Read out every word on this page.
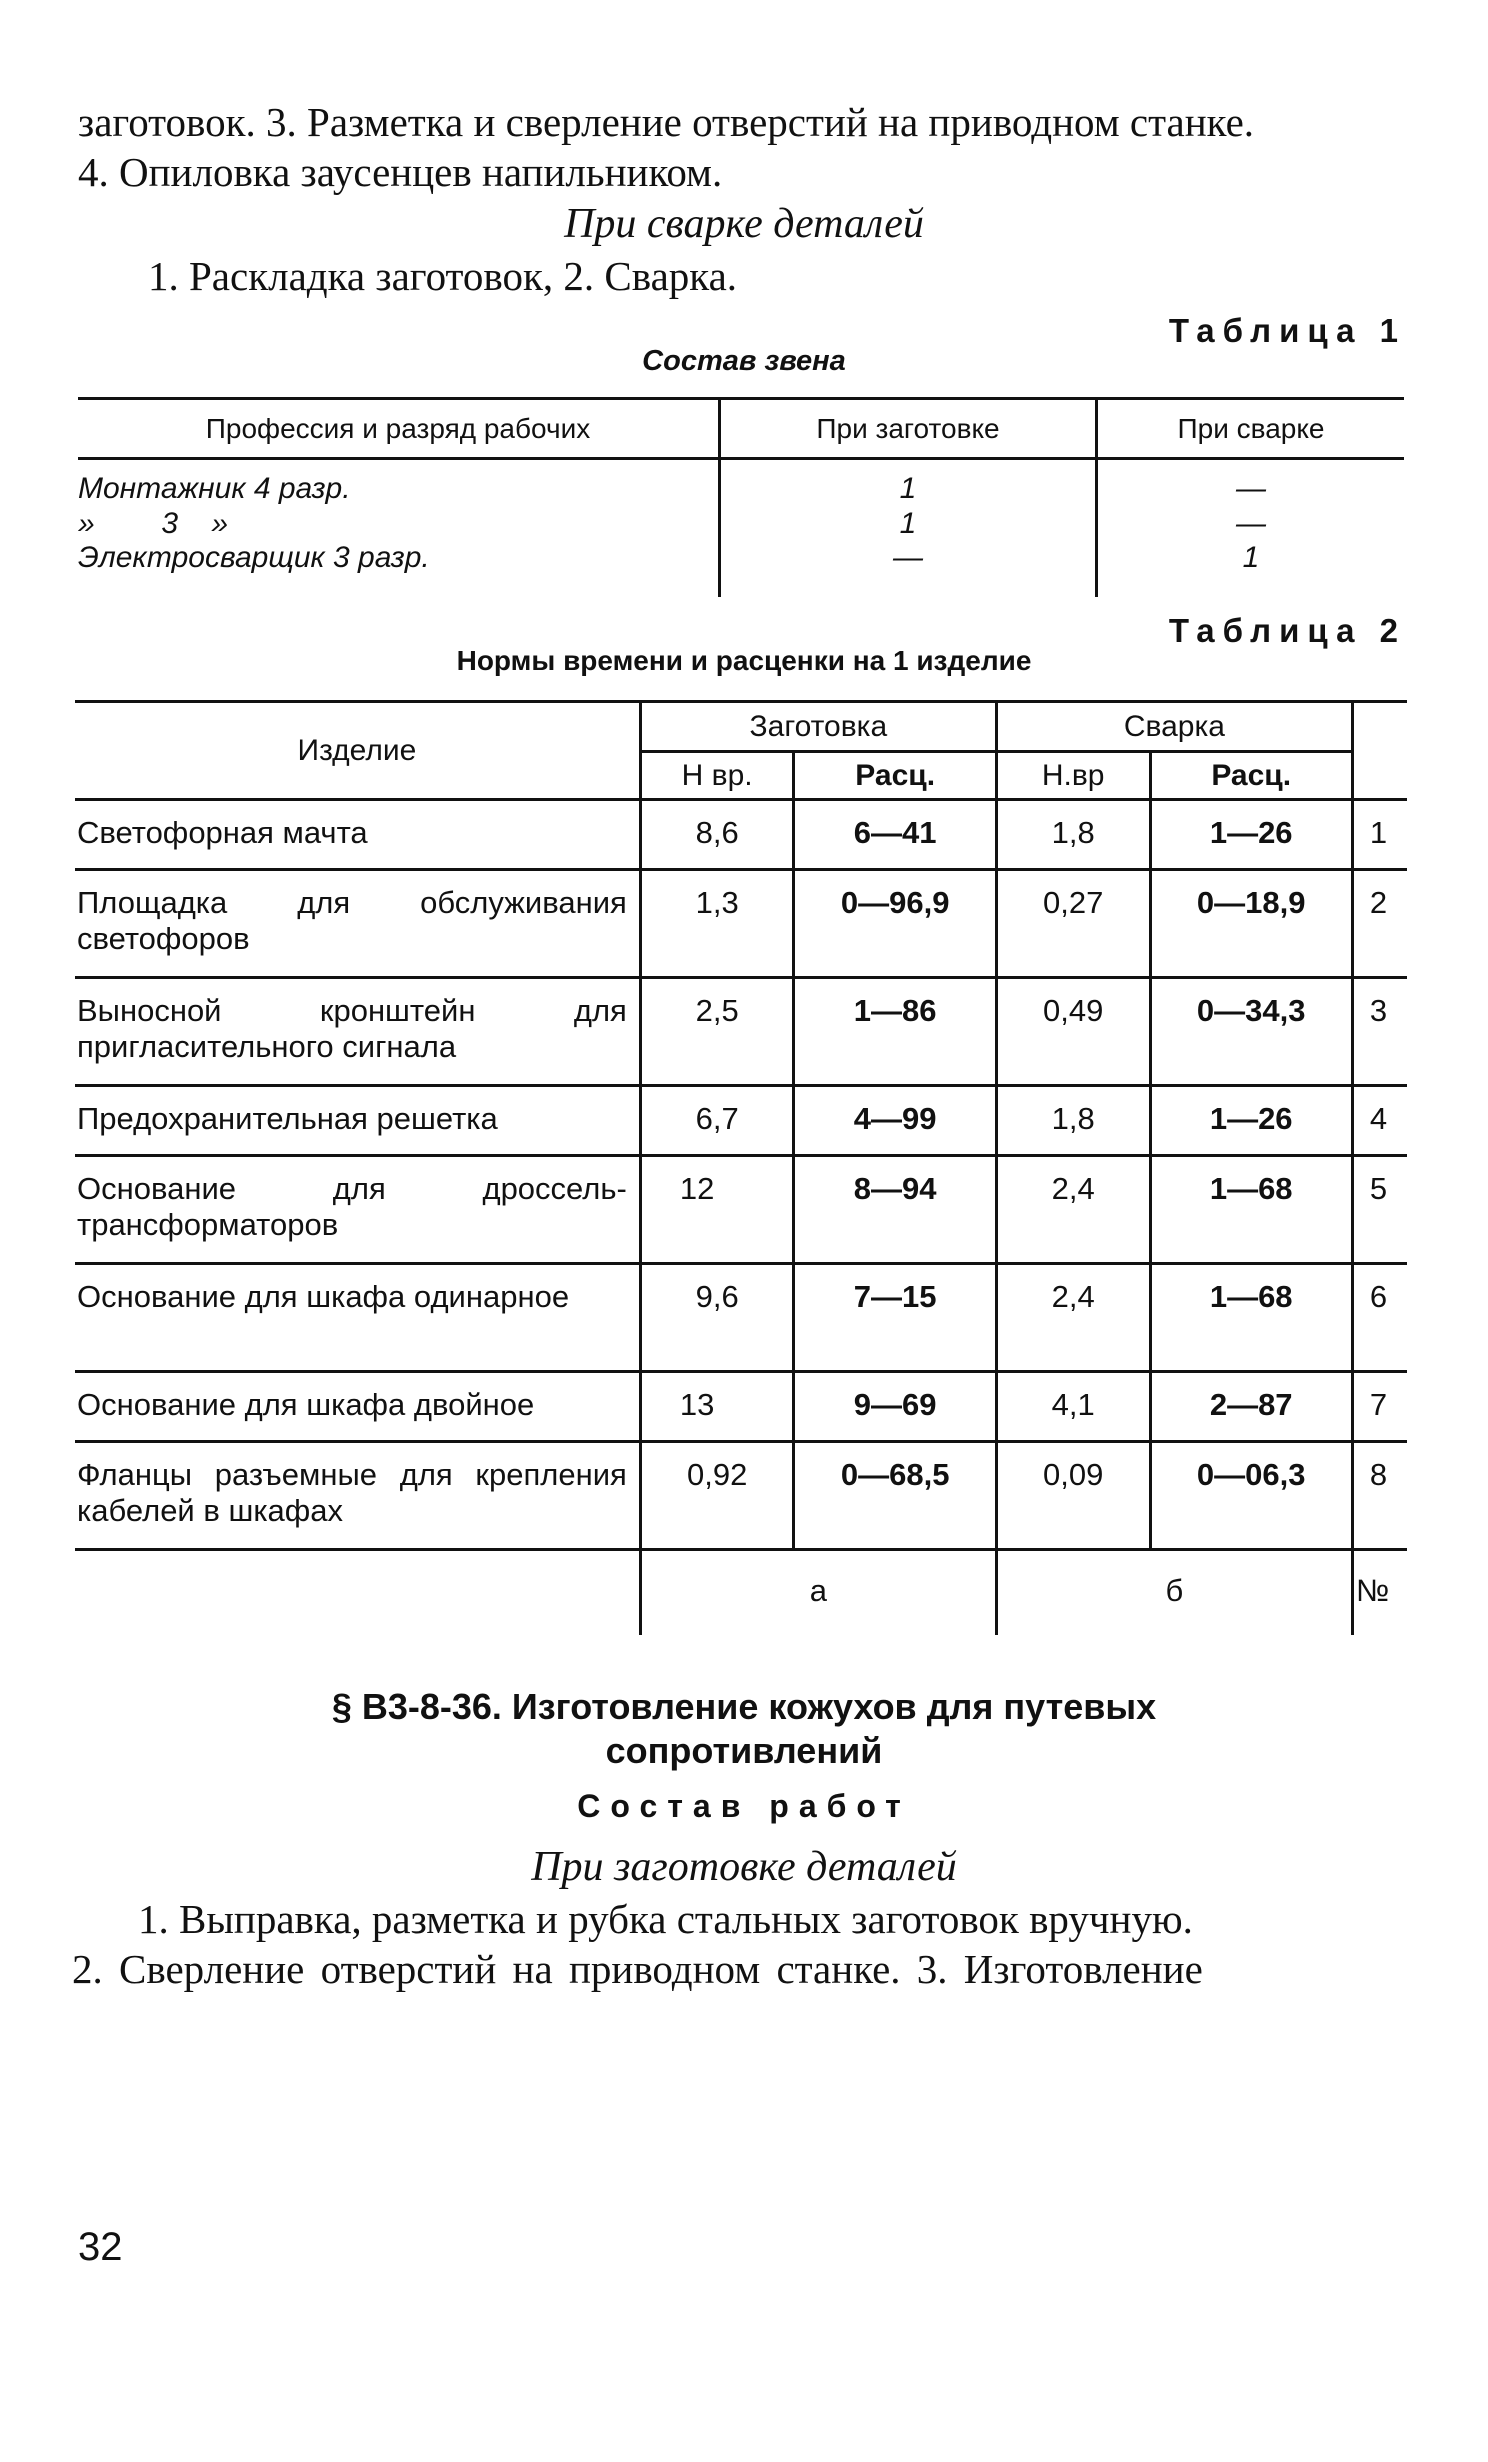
заготовок. 3. Разметка и сверление отверстий на приводном станке.
4. Опиловка заусенцев напильником.
При сварке деталей
1. Раскладка заготовок, 2. Сварка.
Таблица 1
Состав звена
Профессия и разряд рабочих	При заготовке	При сварке
Монтажник 4 разр.	1	—
»        3    »	1	—
Электросварщик 3 разр.	—	1
Таблица 2
Нормы времени и расценки на 1 изделие
Изделие	Заготовка		Сварка		
	Н вр.	Расц.	Н.вр	Расц.	
Светофорная мачта	8,6	6—41	1,8	1—26	1
Площадка для обслуживания светофоров	1,3	0—96,9	0,27	0—18,9	2
Выносной кронштейн для пригласительного сигнала	2,5	1—86	0,49	0—34,3	3
Предохранительная решетка	6,7	4—99	1,8	1—26	4
Основание для дроссель-трансформаторов	12	8—94	2,4	1—68	5
Основание для шкафа одинарное	9,6	7—15	2,4	1—68	6
Основание для шкафа двойное	13	9—69	4,1	2—87	7
Фланцы разъемные для крепления кабелей в шкафах	0,92	0—68,5	0,09	0—06,3	8
	а		б		№
§ В3-8-36. Изготовление кожухов для путевых
сопротивлений
Состав работ
При заготовке деталей
1. Выправка, разметка и рубка стальных заготовок вручную.
2. Сверление отверстий на приводном станке. 3. Изготовление
32
